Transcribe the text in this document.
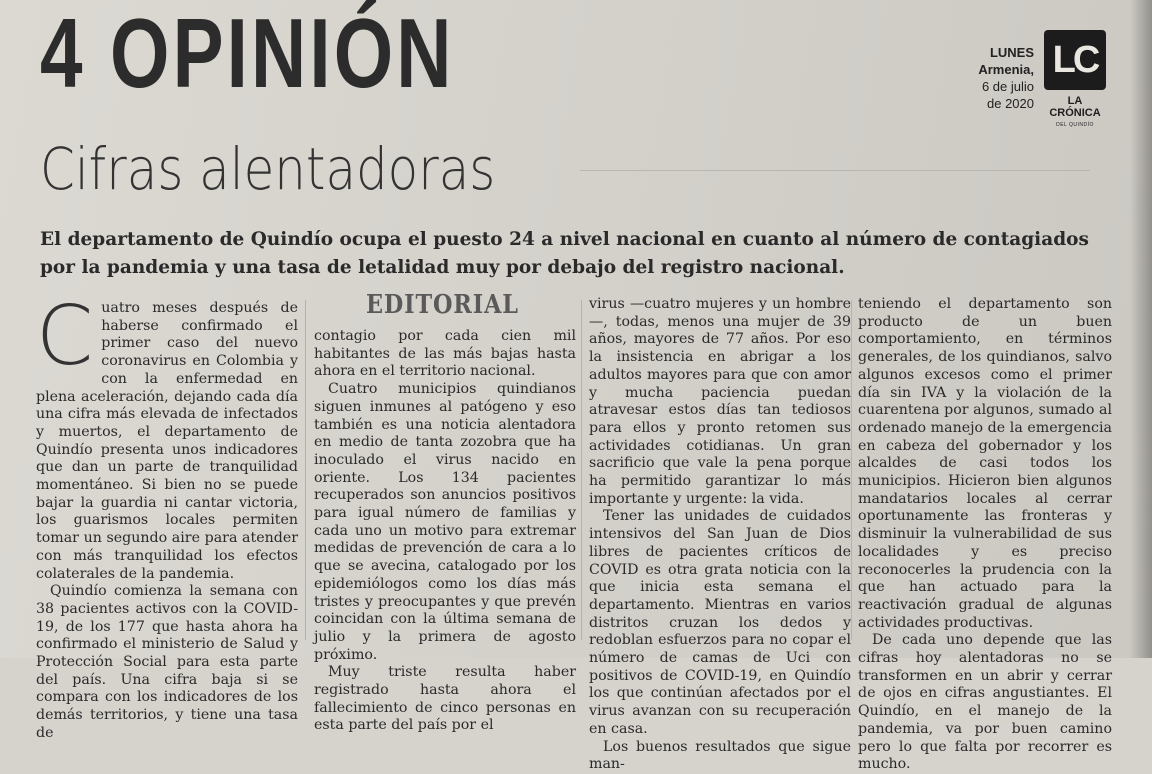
4 OPINIÓN	LUNES
Armenia,
6 de julio
de 2020
LC
LA CRÓNICA
DEL QUINDÍO
Cifras alentadoras
El departamento de Quindío ocupa el puesto 24 a nivel nacional en cuanto al número de contagiados por la pandemia y una tasa de letalidad muy por debajo del registro nacional.
EDITORIAL

Cuatro meses después de haberse confirmado el primer caso del nuevo coronavirus en Colombia y con la enfermedad en plena aceleración, dejando cada día una cifra más elevada de infectados y muertos, el departamento de Quindío presenta unos indicadores que dan un parte de tranquilidad momentáneo. Si bien no se puede bajar la guardia ni cantar victoria, los guarismos locales permiten tomar un segundo aire para atender con más tranquilidad los efectos colaterales de la pandemia.

Quindío comienza la semana con 38 pacientes activos con la COVID-19, de los 177 que hasta ahora ha confirmado el ministerio de Salud y Protección Social para esta parte del país. Una cifra baja si se compara con los indicadores de los demás territorios, y tiene una tasa de

contagio por cada cien mil habitantes de las más bajas hasta ahora en el territorio nacional.

Cuatro municipios quindianos siguen inmunes al patógeno y eso también es una noticia alentadora en medio de tanta zozobra que ha inoculado el virus nacido en oriente. Los 134 pacientes recuperados son anuncios positivos para igual número de familias y cada uno un motivo para extremar medidas de prevención de cara a lo que se avecina, catalogado por los epidemiólogos como los días más tristes y preocupantes y que prevén coincidan con la última semana de julio y la primera de agosto próximo.

Muy triste resulta haber registrado hasta ahora el fallecimiento de cinco personas en esta parte del país por el

virus —cuatro mujeres y un hombre—, todas, menos una mujer de 39 años, mayores de 77 años. Por eso la insistencia en abrigar a los adultos mayores para que con amor y mucha paciencia puedan atravesar estos días tan tediosos para ellos y pronto retomen sus actividades cotidianas. Un gran sacrificio que vale la pena porque ha permitido garantizar lo más importante y urgente: la vida.

Tener las unidades de cuidados intensivos del San Juan de Dios libres de pacientes críticos de COVID es otra grata noticia con la que inicia esta semana el departamento. Mientras en varios distritos cruzan los dedos y redoblan esfuerzos para no copar el número de camas de Uci con positivos de COVID-19, en Quindío los que continúan afectados por el virus avanzan con su recuperación en casa.

Los buenos resultados que sigue man-

teniendo el departamento son producto de un buen comportamiento, en términos generales, de los quindianos, salvo algunos excesos como el primer día sin IVA y la violación de la cuarentena por algunos, sumado al ordenado manejo de la emergencia en cabeza del gobernador y los alcaldes de casi todos los municipios. Hicieron bien algunos mandatarios locales al cerrar oportunamente las fronteras y disminuir la vulnerabilidad de sus localidades y es preciso reconocerles la prudencia con la que han actuado para la reactivación gradual de algunas actividades productivas.

De cada uno depende que las cifras hoy alentadoras no se transformen en un abrir y cerrar de ojos en cifras angustiantes. El Quindío, en el manejo de la pandemia, va por buen camino pero lo que falta por recorrer es mucho.
